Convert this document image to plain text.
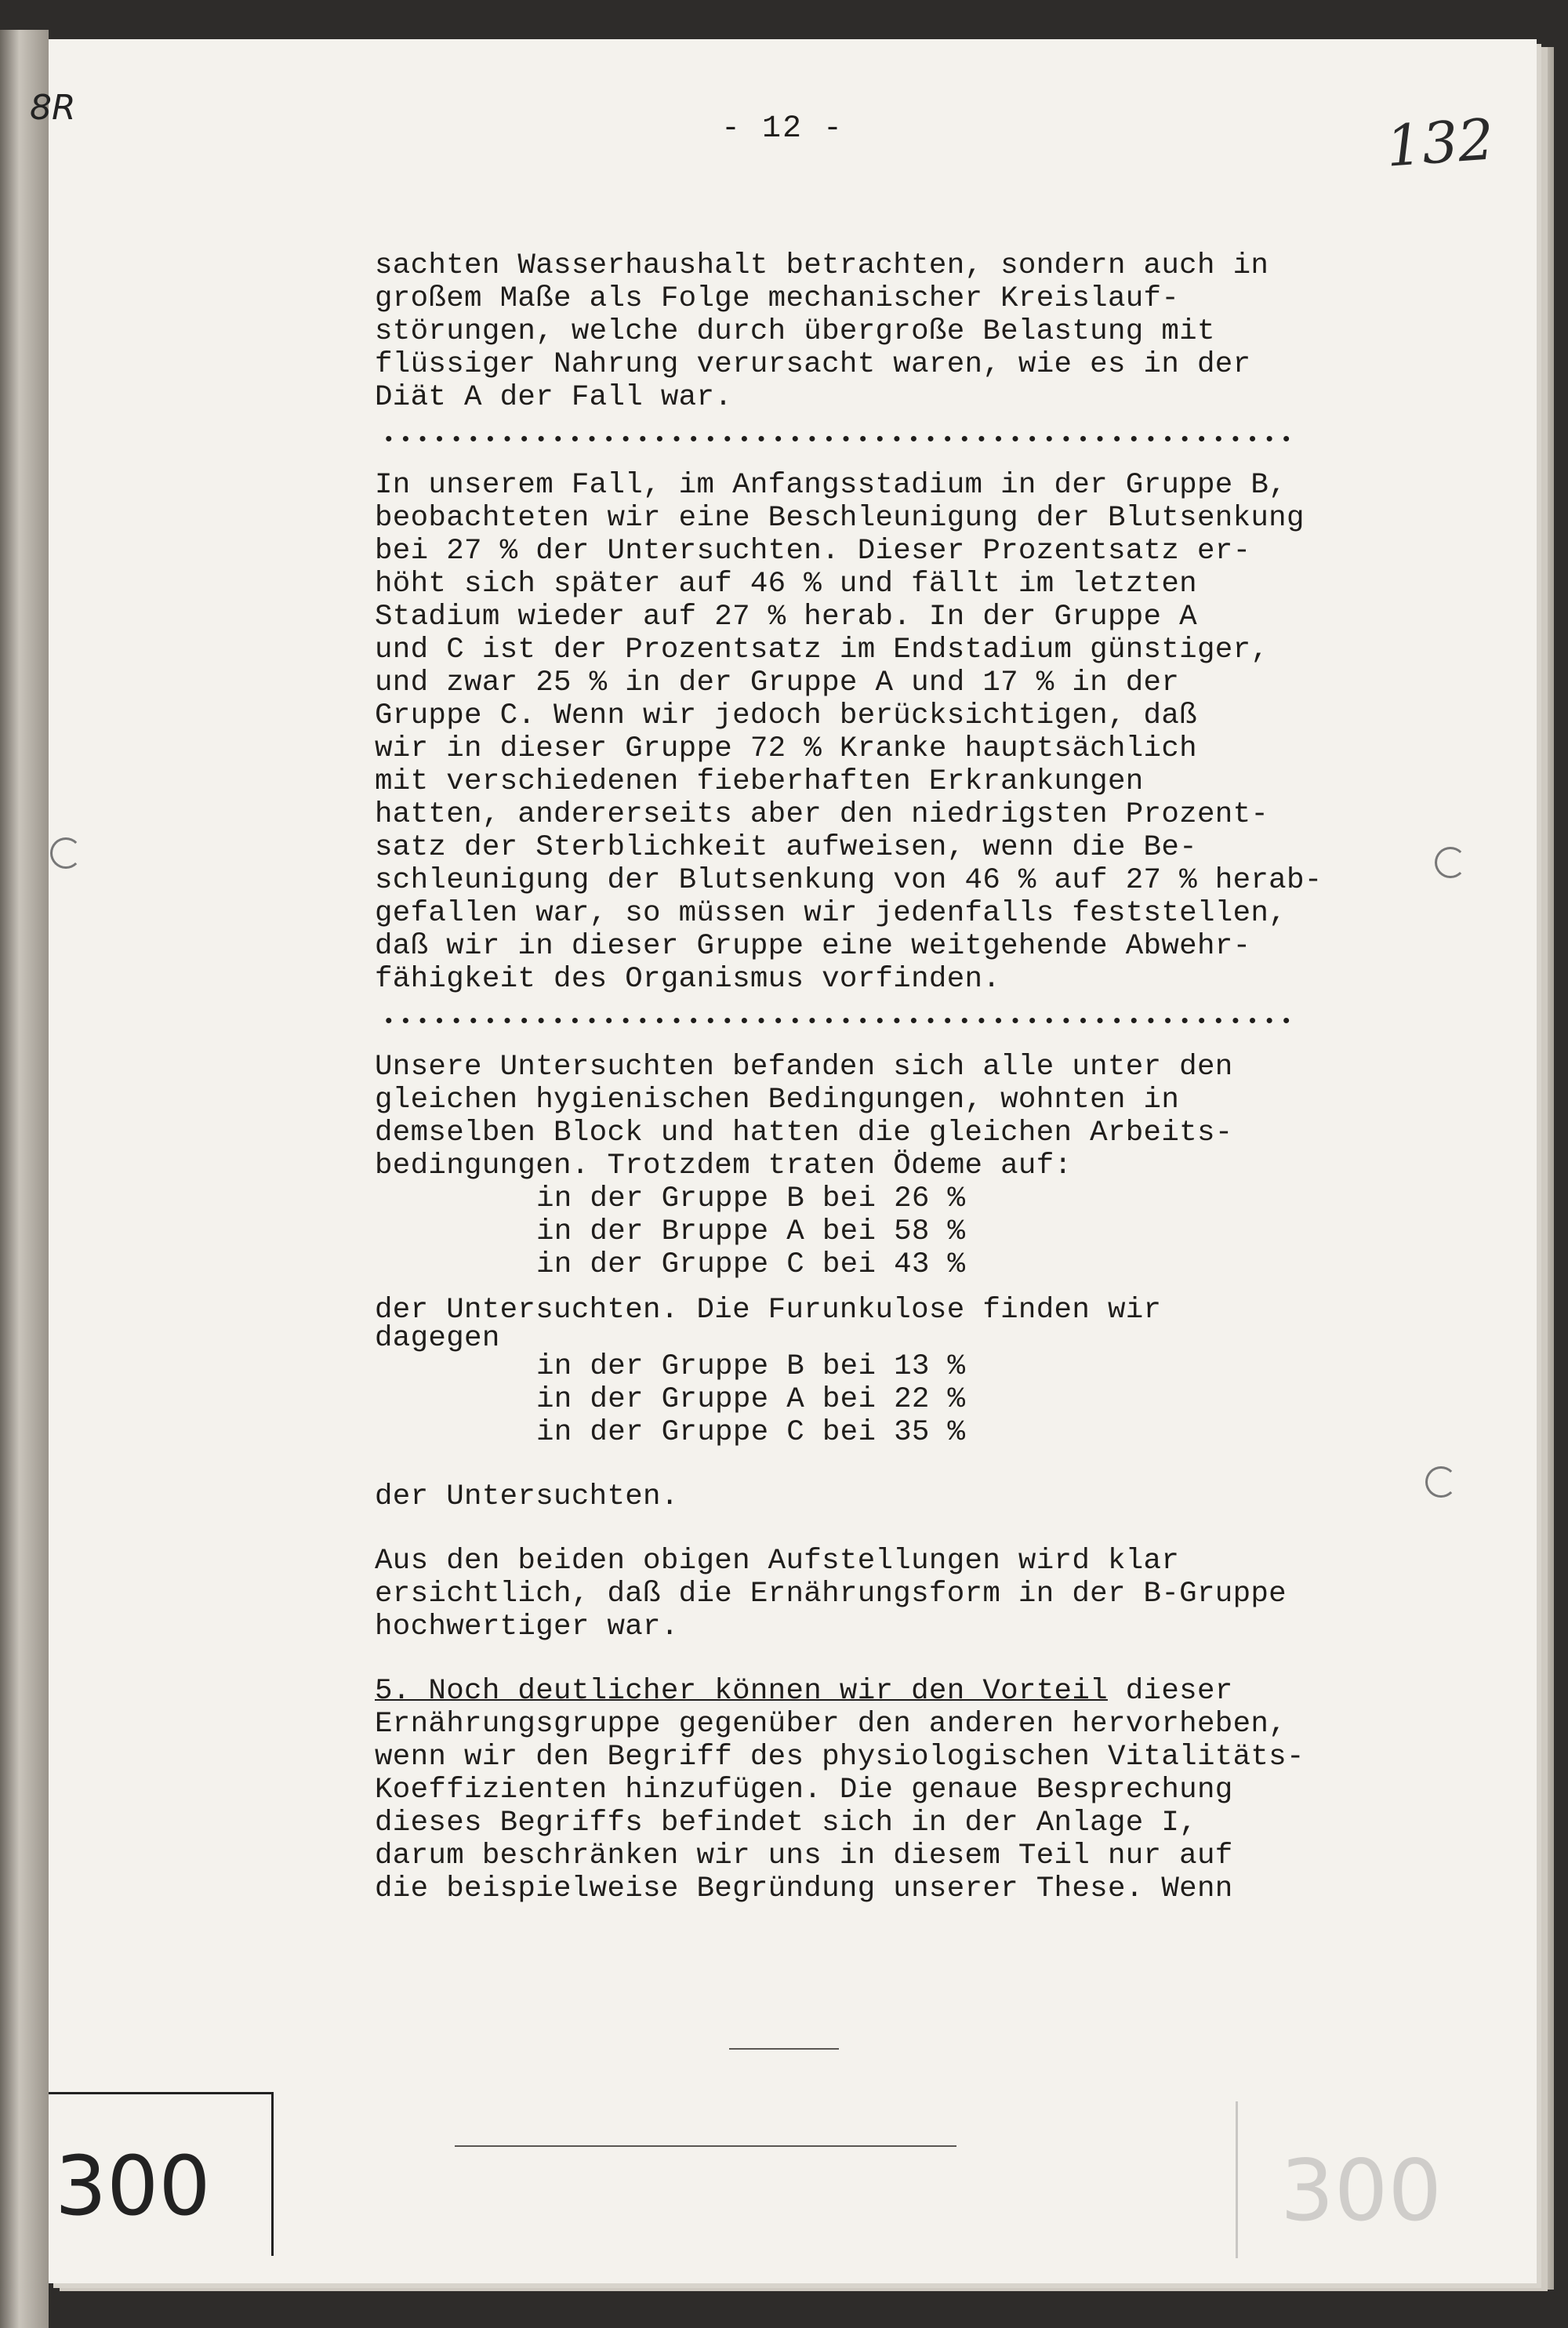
8R	132
- 12 -
sachten Wasserhaushalt betrachten, sondern auch in
großem Maße als Folge mechanischer Kreislauf-
störungen, welche durch übergroße Belastung mit
flüssiger Nahrung verursacht waren, wie es in der
Diät A der Fall war.
••••••••••••••••••••••••••••••••••••••••••••••••••••••
In unserem Fall, im Anfangsstadium in der Gruppe B,
beobachteten wir eine Beschleunigung der Blutsenkung
bei 27 % der Untersuchten. Dieser Prozentsatz er-
höht sich später auf 46 % und fällt im letzten
Stadium wieder auf 27 % herab. In der Gruppe A
und C ist der Prozentsatz im Endstadium günstiger,
und zwar 25 % in der Gruppe A und 17 % in der
Gruppe C. Wenn wir jedoch berücksichtigen, daß
wir in dieser Gruppe 72 % Kranke hauptsächlich
mit verschiedenen fieberhaften Erkrankungen
hatten, andererseits aber den niedrigsten Prozent-
satz der Sterblichkeit aufweisen, wenn die Be-
schleunigung der Blutsenkung von 46 % auf 27 % herab-
gefallen war, so müssen wir jedenfalls feststellen,
daß wir in dieser Gruppe eine weitgehende Abwehr-
fähigkeit des Organismus vorfinden.
••••••••••••••••••••••••••••••••••••••••••••••••••••••
Unsere Untersuchten befanden sich alle unter den
gleichen hygienischen Bedingungen, wohnten in
demselben Block und hatten die gleichen Arbeits-
bedingungen. Trotzdem traten Ödeme auf:
in der Gruppe B bei 26 %
in der Bruppe A bei 58 %
in der Gruppe C bei 43 %
der Untersuchten. Die Furunkulose finden wir
dagegen
in der Gruppe B bei 13 %
in der Gruppe A bei 22 %
in der Gruppe C bei 35 %
der Untersuchten.
Aus den beiden obigen Aufstellungen wird klar
ersichtlich, daß die Ernährungsform in der B-Gruppe
hochwertiger war.
5. Noch deutlicher können wir den Vorteil dieser
Ernährungsgruppe gegenüber den anderen hervorheben,
wenn wir den Begriff des physiologischen Vitalitäts-
Koeffizienten hinzufügen. Die genaue Besprechung
dieses Begriffs befindet sich in der Anlage I,
darum beschränken wir uns in diesem Teil nur auf
die beispielweise Begründung unserer These. Wenn
300	300
